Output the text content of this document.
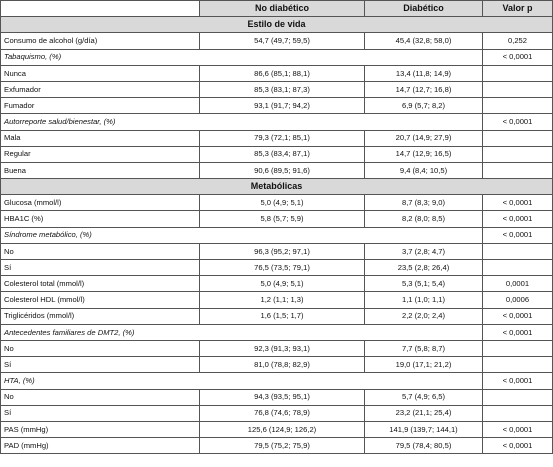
	No diabético	Diabético	Valor p
Estilo de vida			
Consumo de alcohol (g/día)	54,7 (49,7; 59,5)	45,4 (32,8; 58,0)	0,252
Tabaquismo, (%)			< 0,0001
Nunca	86,6 (85,1; 88,1)	13,4 (11,8; 14,9)	
Exfumador	85,3 (83,1; 87,3)	14,7 (12,7; 16,8)	
Fumador	93,1 (91,7; 94,2)	6,9 (5,7; 8,2)	
Autorreporte salud/bienestar, (%)			< 0,0001
Mala	79,3 (72,1; 85,1)	20,7 (14,9; 27,9)	
Regular	85,3 (83,4; 87,1)	14,7 (12,9; 16,5)	
Buena	90,6 (89,5; 91,6)	9,4 (8,4; 10,5)	
Metabólicas			
Glucosa (mmol/l)	5,0 (4,9; 5,1)	8,7 (8,3; 9,0)	< 0,0001
HBA1C (%)	5,8 (5,7; 5,9)	8,2 (8,0; 8,5)	< 0,0001
Síndrome metabólico, (%)			< 0,0001
No	96,3 (95,2; 97,1)	3,7 (2,8; 4,7)	
Sí	76,5 (73,5; 79,1)	23,5 (2,8; 26,4)	
Colesterol total (mmol/l)	5,0 (4,9; 5,1)	5,3 (5,1; 5,4)	0,0001
Colesterol HDL (mmol/l)	1,2 (1,1; 1,3)	1,1 (1,0; 1,1)	0,0006
Triglicéridos (mmol/l)	1,6 (1,5; 1,7)	2,2 (2,0; 2,4)	< 0,0001
Antecedentes familiares de DMT2, (%)			< 0,0001
No	92,3 (91,3; 93,1)	7,7 (5,8; 8,7)	
Sí	81,0 (78,8; 82,9)	19,0 (17,1; 21,2)	
HTA, (%)			< 0,0001
No	94,3 (93,5; 95,1)	5,7 (4,9; 6,5)	
Sí	76,8 (74,6; 78,9)	23,2 (21,1; 25,4)	
PAS (mmHg)	125,6 (124,9; 126,2)	141,9 (139,7; 144,1)	< 0,0001
PAD (mmHg)	79,5 (75,2; 75,9)	79,5 (78,4; 80,5)	< 0,0001
